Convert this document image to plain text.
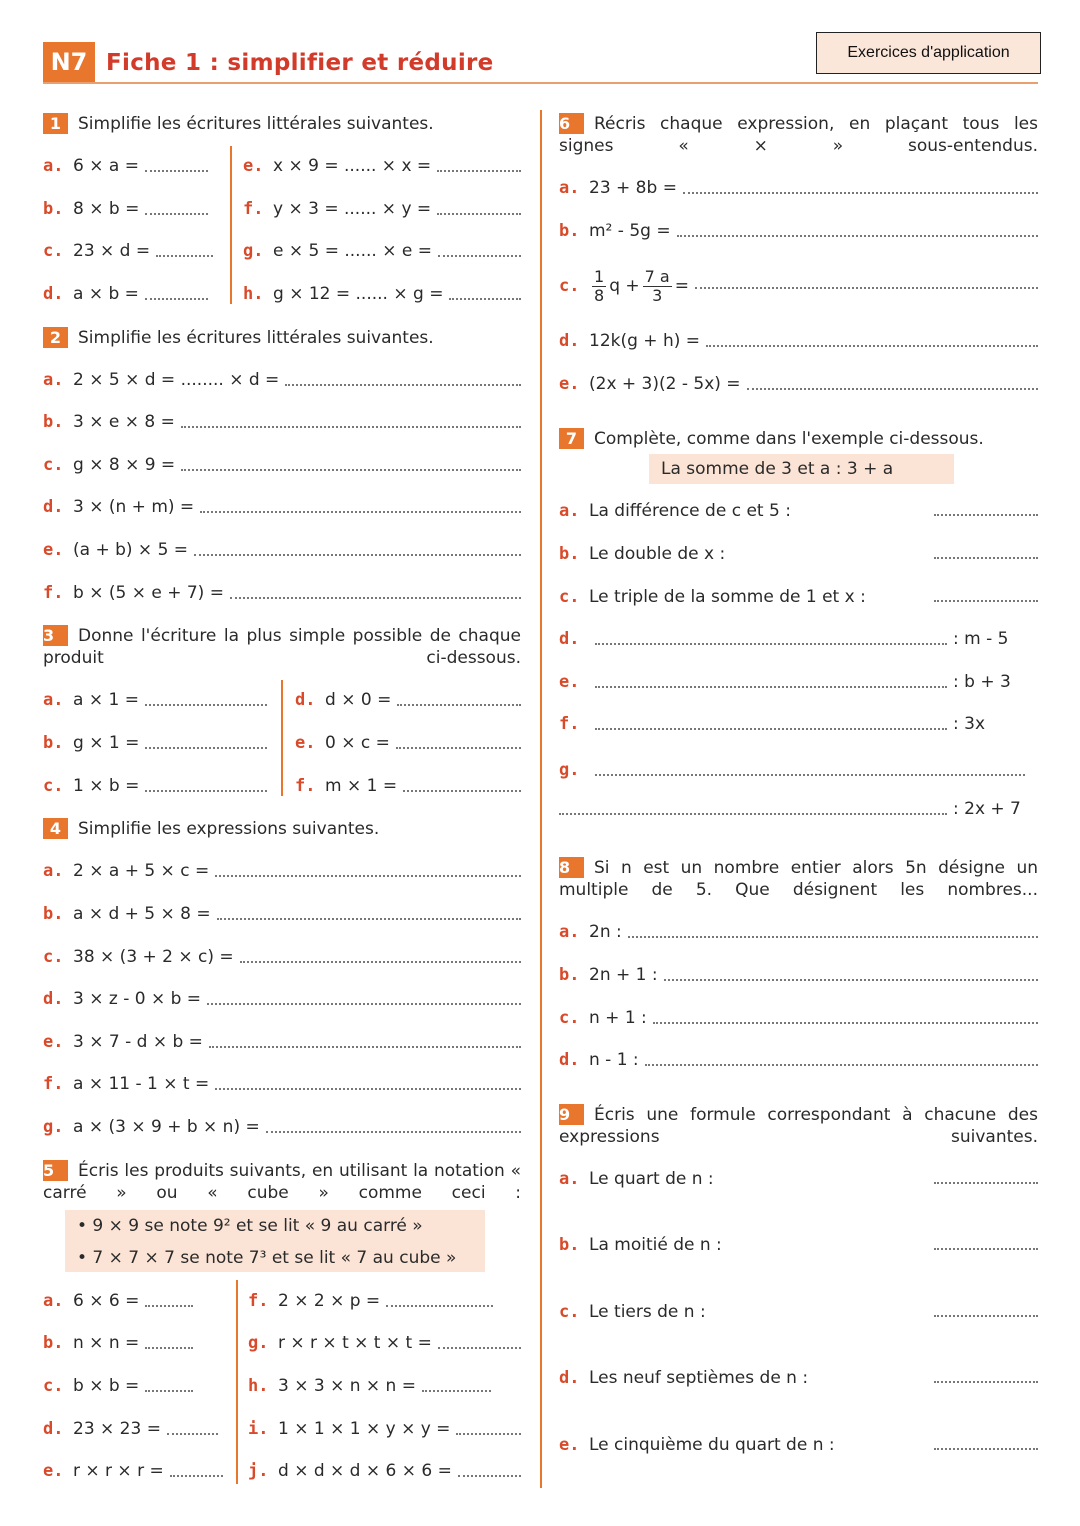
N7 Fiche 1 : simplifier et réduire	Exercices d'application
1 Simplifie les écritures littérales suivantes.
a. 6 × a =
b. 8 × b =
c. 23 × d =
d. a × b =
e. x × 9 = ...... × x =
f. y × 3 = ...... × y =
g. e × 5 = ...... × e =
h. g × 12 = ...... × g =
2 Simplifie les écritures littérales suivantes.
a. 2 × 5 × d = ........ × d =
b. 3 × e × 8 =
c. g × 8 × 9 =
d. 3 × (n + m) =
e. (a + b) × 5 =
f. b × (5 × e + 7) =
3 Donne l'écriture la plus simple possible de chaque produit ci-dessous.
a. a × 1 =
b. g × 1 =
c. 1 × b =
d. d × 0 =
e. 0 × c =
f. m × 1 =
4 Simplifie les expressions suivantes.
a. 2 × a + 5 × c =
b. a × d + 5 × 8 =
c. 38 × (3 + 2 × c) =
d. 3 × z - 0 × b =
e. 3 × 7 - d × b =
f. a × 11 - 1 × t =
g. a × (3 × 9 + b × n) =
5 Écris les produits suivants, en utilisant la notation « carré » ou « cube » comme ceci :
• 9 × 9 se note 9² et se lit « 9 au carré »
• 7 × 7 × 7 se note 7³ et se lit « 7 au cube »
a. 6 × 6 =
b. n × n =
c. b × b =
d. 23 × 23 =
e. r × r × r =
f. 2 × 2 × p =
g. r × r × t × t × t =
h. 3 × 3 × n × n =
i. 1 × 1 × 1 × y × y =
j. d × d × d × 6 × 6 =
6 Récris chaque expression, en plaçant tous les signes « × » sous-entendus.
a. 23 + 8b =
b. m² - 5g =
c. $\frac{1}{8}$ $q + \frac{7 a}{3}$ =
d. 12k(g + h) =
e. (2x + 3)(2 - 5x) =
7 Complète, comme dans l'exemple ci-dessous.
La somme de 3 et a : 3 + a
a. La différence de c et 5 :
b. Le double de x :
c. Le triple de la somme de 1 et x :
d.	: m - 5
e.	: b + 3
f.	: 3x
g.
: 2x + 7
8 Si n est un nombre entier alors 5n désigne un multiple de 5. Que désignent les nombres...
a. 2n :
b. 2n + 1 :
c. n + 1 :
d. n - 1 :
9 Écris une formule correspondant à chacune des expressions suivantes.
a. Le quart de n :
b. La moitié de n :
c. Le tiers de n :
d. Les neuf septièmes de n :
e. Le cinquième du quart de n :
